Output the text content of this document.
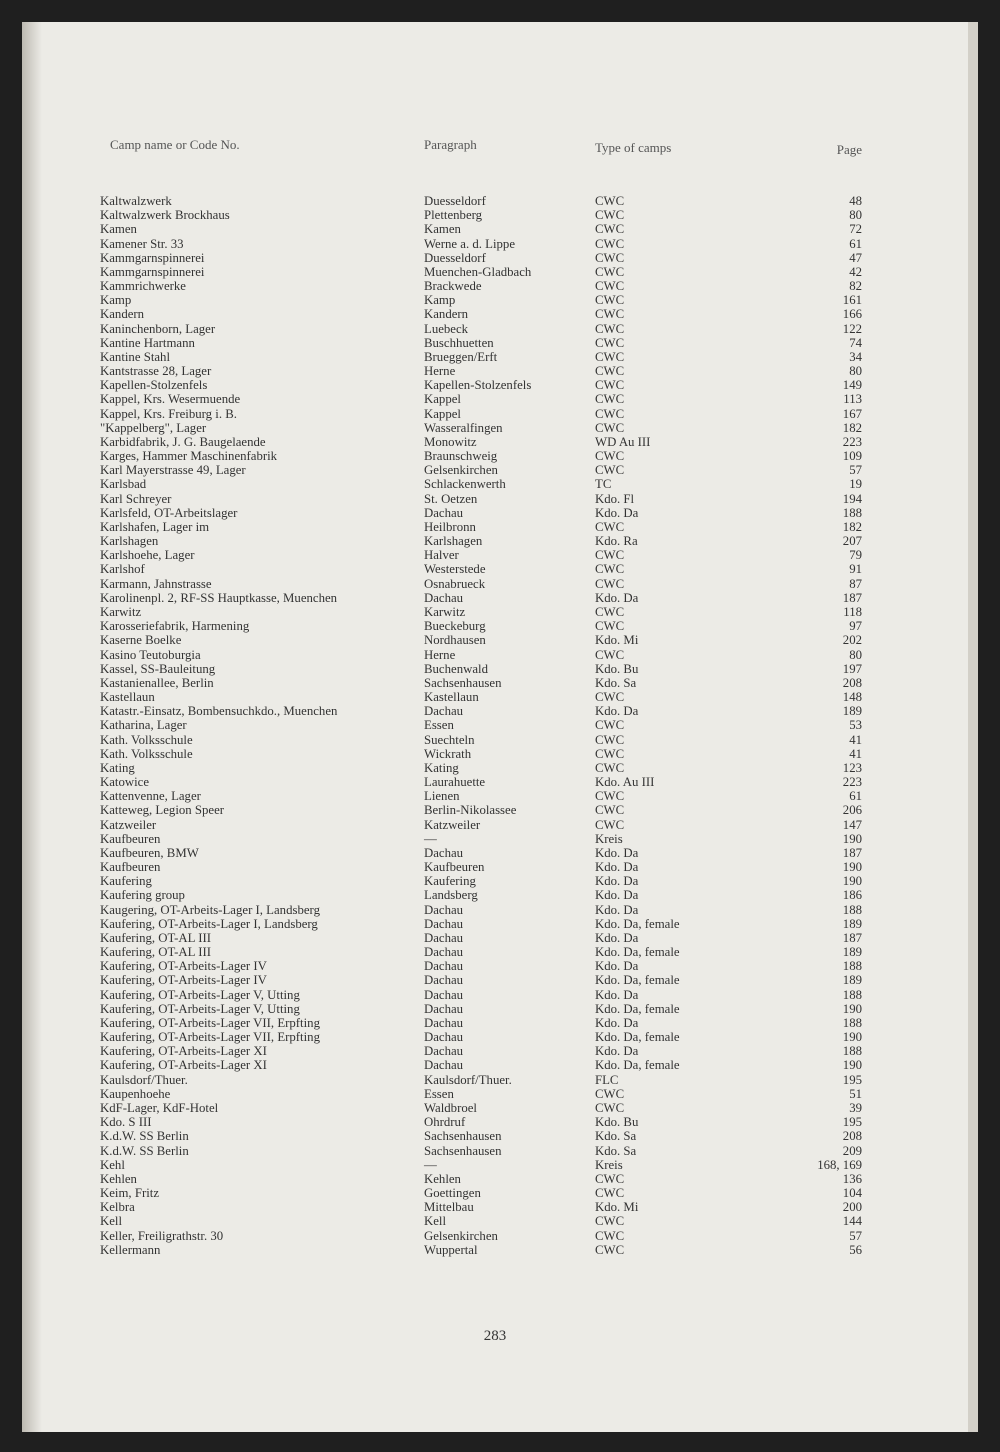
Camp name or Code No.	Paragraph	Type of camps	Page
Kaltwalzwerk	Duesseldorf	CWC	48
Kaltwalzwerk Brockhaus	Plettenberg	CWC	80
Kamen	Kamen	CWC	72
Kamener Str. 33	Werne a. d. Lippe	CWC	61
Kammgarnspinnerei	Duesseldorf	CWC	47
Kammgarnspinnerei	Muenchen-Gladbach	CWC	42
Kammrichwerke	Brackwede	CWC	82
Kamp	Kamp	CWC	161
Kandern	Kandern	CWC	166
Kaninchenborn, Lager	Luebeck	CWC	122
Kantine Hartmann	Buschhuetten	CWC	74
Kantine Stahl	Brueggen/Erft	CWC	34
Kantstrasse 28, Lager	Herne	CWC	80
Kapellen-Stolzenfels	Kapellen-Stolzenfels	CWC	149
Kappel, Krs. Wesermuende	Kappel	CWC	113
Kappel, Krs. Freiburg i. B.	Kappel	CWC	167
"Kappelberg", Lager	Wasseralfingen	CWC	182
Karbidfabrik, J. G. Baugelaende	Monowitz	WD Au III	223
Karges, Hammer Maschinenfabrik	Braunschweig	CWC	109
Karl Mayerstrasse 49, Lager	Gelsenkirchen	CWC	57
Karlsbad	Schlackenwerth	TC	19
Karl Schreyer	St. Oetzen	Kdo. Fl	194
Karlsfeld, OT-Arbeitslager	Dachau	Kdo. Da	188
Karlshafen, Lager im	Heilbronn	CWC	182
Karlshagen	Karlshagen	Kdo. Ra	207
Karlshoehe, Lager	Halver	CWC	79
Karlshof	Westerstede	CWC	91
Karmann, Jahnstrasse	Osnabrueck	CWC	87
Karolinenpl. 2, RF-SS Hauptkasse, Muenchen	Dachau	Kdo. Da	187
Karwitz	Karwitz	CWC	118
Karosseriefabrik, Harmening	Bueckeburg	CWC	97
Kaserne Boelke	Nordhausen	Kdo. Mi	202
Kasino Teutoburgia	Herne	CWC	80
Kassel, SS-Bauleitung	Buchenwald	Kdo. Bu	197
Kastanienallee, Berlin	Sachsenhausen	Kdo. Sa	208
Kastellaun	Kastellaun	CWC	148
Katastr.-Einsatz, Bombensuchkdo., Muenchen	Dachau	Kdo. Da	189
Katharina, Lager	Essen	CWC	53
Kath. Volksschule	Suechteln	CWC	41
Kath. Volksschule	Wickrath	CWC	41
Kating	Kating	CWC	123
Katowice	Laurahuette	Kdo. Au III	223
Kattenvenne, Lager	Lienen	CWC	61
Katteweg, Legion Speer	Berlin-Nikolassee	CWC	206
Katzweiler	Katzweiler	CWC	147
Kaufbeuren	—	Kreis	190
Kaufbeuren, BMW	Dachau	Kdo. Da	187
Kaufbeuren	Kaufbeuren	Kdo. Da	190
Kaufering	Kaufering	Kdo. Da	190
Kaufering group	Landsberg	Kdo. Da	186
Kaugering, OT-Arbeits-Lager I, Landsberg	Dachau	Kdo. Da	188
Kaufering, OT-Arbeits-Lager I, Landsberg	Dachau	Kdo. Da, female	189
Kaufering, OT-AL III	Dachau	Kdo. Da	187
Kaufering, OT-AL III	Dachau	Kdo. Da, female	189
Kaufering, OT-Arbeits-Lager IV	Dachau	Kdo. Da	188
Kaufering, OT-Arbeits-Lager IV	Dachau	Kdo. Da, female	189
Kaufering, OT-Arbeits-Lager V, Utting	Dachau	Kdo. Da	188
Kaufering, OT-Arbeits-Lager V, Utting	Dachau	Kdo. Da, female	190
Kaufering, OT-Arbeits-Lager VII, Erpfting	Dachau	Kdo. Da	188
Kaufering, OT-Arbeits-Lager VII, Erpfting	Dachau	Kdo. Da, female	190
Kaufering, OT-Arbeits-Lager XI	Dachau	Kdo. Da	188
Kaufering, OT-Arbeits-Lager XI	Dachau	Kdo. Da, female	190
Kaulsdorf/Thuer.	Kaulsdorf/Thuer.	FLC	195
Kaupenhoehe	Essen	CWC	51
KdF-Lager, KdF-Hotel	Waldbroel	CWC	39
Kdo. S III	Ohrdruf	Kdo. Bu	195
K.d.W. SS Berlin	Sachsenhausen	Kdo. Sa	208
K.d.W. SS Berlin	Sachsenhausen	Kdo. Sa	209
Kehl	—	Kreis	168, 169
Kehlen	Kehlen	CWC	136
Keim, Fritz	Goettingen	CWC	104
Kelbra	Mittelbau	Kdo. Mi	200
Kell	Kell	CWC	144
Keller, Freiligrathstr. 30	Gelsenkirchen	CWC	57
Kellermann	Wuppertal	CWC	56
283
